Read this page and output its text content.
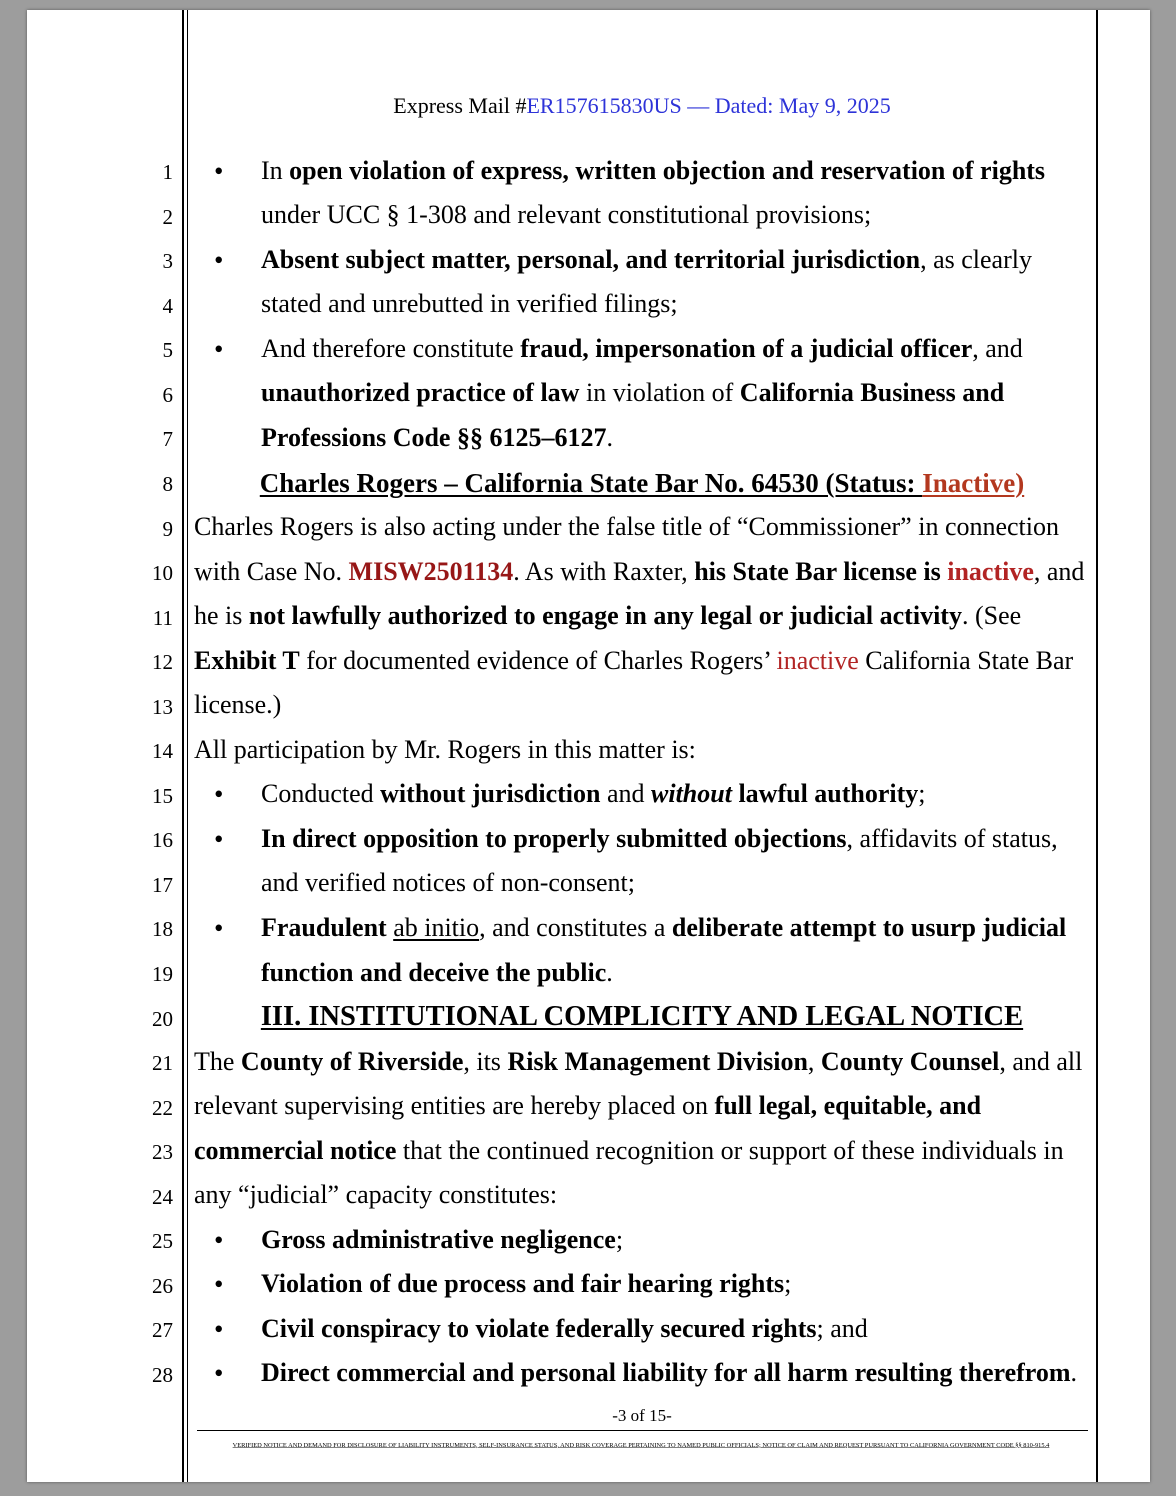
Express Mail #ER157615830US — Dated: May 9, 2025
1 • In open violation of express, written objection and reservation of rights
2	under UCC § 1-308 and relevant constitutional provisions;
3 • Absent subject matter, personal, and territorial jurisdiction, as clearly
4	stated and unrebutted in verified filings;
5 • And therefore constitute fraud, impersonation of a judicial officer, and
6	unauthorized practice of law in violation of California Business and
7	Professions Code §§ 6125–6127.
8	Charles Rogers – California State Bar No. 64530 (Status: Inactive)
9 Charles Rogers is also acting under the false title of “Commissioner” in connection
10 with Case No. MISW2501134. As with Raxter, his State Bar license is inactive, and
11 he is not lawfully authorized to engage in any legal or judicial activity. (See
12 Exhibit T for documented evidence of Charles Rogers’ inactive California State Bar
13 license.)
14 All participation by Mr. Rogers in this matter is:
15 • Conducted without jurisdiction and without lawful authority;
16 • In direct opposition to properly submitted objections, affidavits of status,
17	and verified notices of non-consent;
18 • Fraudulent ab initio, and constitutes a deliberate attempt to usurp judicial
19	function and deceive the public.
20	III. INSTITUTIONAL COMPLICITY AND LEGAL NOTICE
21 The County of Riverside, its Risk Management Division, County Counsel, and all
22 relevant supervising entities are hereby placed on full legal, equitable, and
23 commercial notice that the continued recognition or support of these individuals in
24 any “judicial” capacity constitutes:
25 • Gross administrative negligence;
26 • Violation of due process and fair hearing rights;
27 • Civil conspiracy to violate federally secured rights; and
28 • Direct commercial and personal liability for all harm resulting therefrom.
-3 of 15-
VERIFIED NOTICE AND DEMAND FOR DISCLOSURE OF LIABILITY INSTRUMENTS, SELF-INSURANCE STATUS, AND RISK COVERAGE PERTAINING TO NAMED PUBLIC OFFICIALS; NOTICE OF CLAIM AND REQUEST PURSUANT TO CALIFORNIA GOVERNMENT CODE §§ 810-915.4
